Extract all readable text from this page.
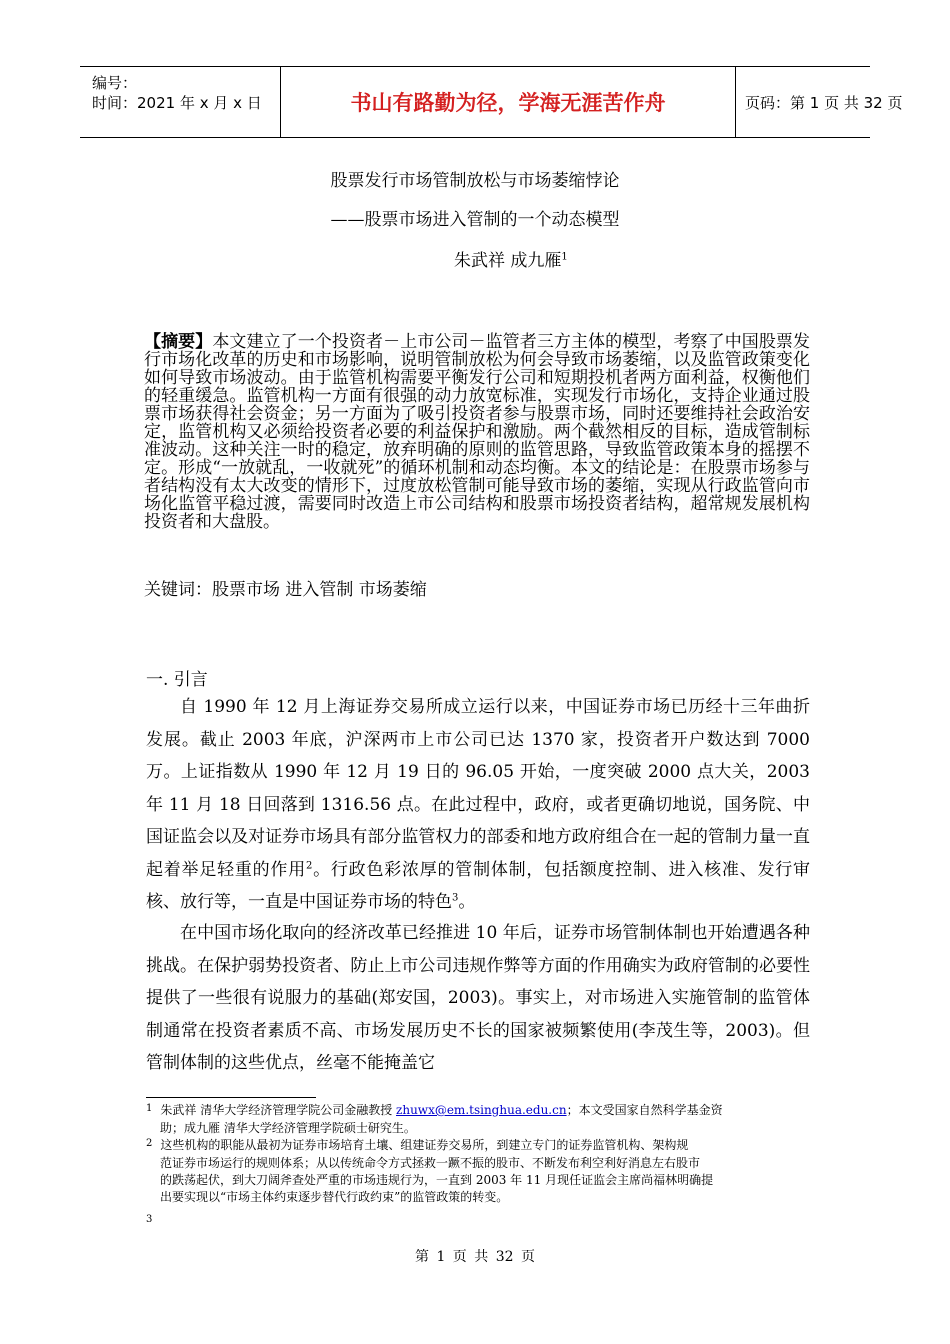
编号：
时间：2021 年 x 月 x 日	书山有路勤为径，学海无涯苦作舟	页码：第 1 页 共 32 页
股票发行市场管制放松与市场萎缩悖论
——股票市场进入管制的一个动态模型
朱武祥 成九雁$^1$
【摘要】本文建立了一个投资者－上市公司－监管者三方主体的模型，考察了中国股票发行市场化改革的历史和市场影响，说明管制放松为何会导致市场萎缩，以及监管政策变化如何导致市场波动。由于监管机构需要平衡发行公司和短期投机者两方面利益，权衡他们的轻重缓急。监管机构一方面有很强的动力放宽标准，实现发行市场化，支持企业通过股票市场获得社会资金；另一方面为了吸引投资者参与股票市场，同时还要维持社会政治安定，监管机构又必须给投资者必要的利益保护和激励。两个截然相反的目标，造成管制标准波动。这种关注一时的稳定，放弃明确的原则的监管思路，导致监管政策本身的摇摆不定。形成“一放就乱，一收就死”的循环机制和动态均衡。本文的结论是：在股票市场参与者结构没有太大改变的情形下，过度放松管制可能导致市场的萎缩，实现从行政监管向市场化监管平稳过渡，需要同时改造上市公司结构和股票市场投资者结构，超常规发展机构投资者和大盘股。
关键词：股票市场 进入管制 市场萎缩
一. 引言

自 1990 年 12 月上海证券交易所成立运行以来，中国证券市场已历经十三年曲折发展。截止 2003 年底，沪深两市上市公司已达 1370 家，投资者开户数达到 7000 万。上证指数从 1990 年 12 月 19 日的 96.05 开始，一度突破 2000 点大关，2003 年 11 月 18 日回落到 1316.56 点。在此过程中，政府，或者更确切地说，国务院、中国证监会以及对证券市场具有部分监管权力的部委和地方政府组合在一起的管制力量一直起着举足轻重的作用$^2$。行政色彩浓厚的管制体制，包括额度控制、进入核准、发行审核、放行等，一直是中国证券市场的特色$^3$。

在中国市场化取向的经济改革已经推进 10 年后，证券市场管制体制也开始遭遇各种挑战。在保护弱势投资者、防止上市公司违规作弊等方面的作用确实为政府管制的必要性提供了一些很有说服力的基础(郑安国，2003)。事实上，对市场进入实施管制的监管体制通常在投资者素质不高、市场发展历史不长的国家被频繁使用(李茂生等，2003)。但管制体制的这些优点，丝毫不能掩盖它

$^1$ 朱武祥 清华大学经济管理学院公司金融教授 zhuwx@em.tsinghua.edu.cn；本文受国家自然科学基金资
助；成九雁 清华大学经济管理学院硕士研究生。
$^2$ 这些机构的职能从最初为证券市场培育土壤、组建证券交易所，到建立专门的证券监管机构、架构规
范证券市场运行的规则体系；从以传统命令方式拯救一蹶不振的股市、不断发布利空利好消息左右股市
的跌荡起伏，到大刀阔斧查处严重的市场违规行为，一直到 2003 年 11 月现任证监会主席尚福林明确提
出要实现以“市场主体约束逐步替代行政约束”的监管政策的转变。
$^3$
第 1 页 共 32 页
